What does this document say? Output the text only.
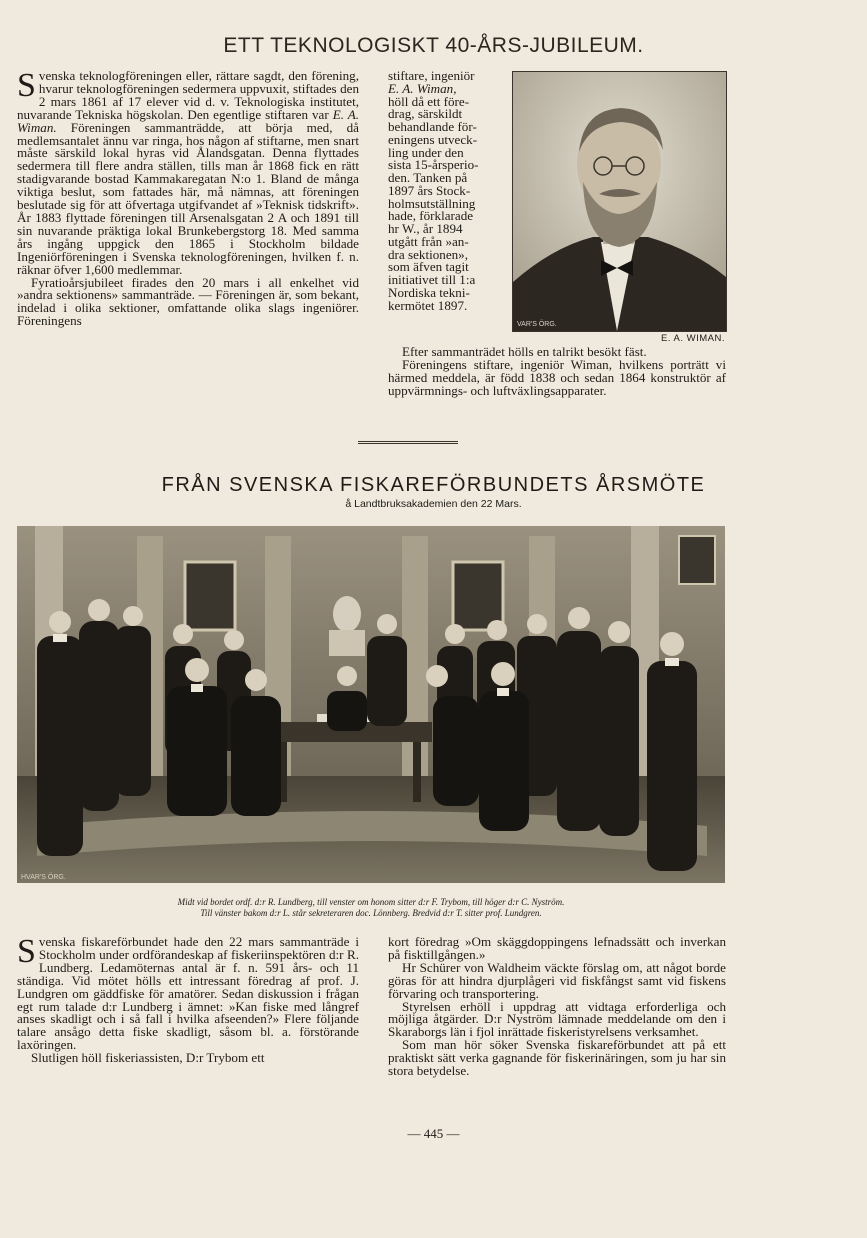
ETT TEKNOLOGISKT 40-ÅRS-JUBILEUM.

Svenska teknologföreningen eller, rättare sagdt, den förening, hvarur teknologföreningen sedermera uppvuxit, stiftades den 2 mars 1861 af 17 elever vid d. v. Teknologiska institutet, nuvarande Tekniska högskolan. Den egentlige stiftaren var E. A. Wiman. Föreningen sammanträdde, att börja med, då medlemsantalet ännu var ringa, hos någon af stiftarne, men snart måste särskild lokal hyras vid Ålandsgatan. Denna flyttades sedermera till flere andra ställen, tills man år 1868 fick en rätt stadigvarande bostad Kammakaregatan N:o 1. Bland de många viktiga beslut, som fattades här, må nämnas, att föreningen beslutade sig för att öfvertaga utgifvandet af »Teknisk tidskrift». År 1883 flyttade föreningen till Arsenalsgatan 2 A och 1891 till sin nuvarande präktiga lokal Brunkebergstorg 18. Med samma års ingång uppgick den 1865 i Stockholm bildade Ingeniörföreningen i Svenska teknologföreningen, hvilken f. n. räknar öfver 1,600 medlemmar.

Fyratioårsjubileet firades den 20 mars i all enkelhet vid »andra sektionens» sammanträde. — Föreningen är, som bekant, indelad i olika sektioner, omfattande olika slags ingeniörer. Föreningens

stiftare, ingeniör
E. A. Wiman,
höll då ett före-
drag, särskildt
behandlande för-
eningens utveck-
ling under den
sista 15-årsperio-
den. Tanken på
1897 års Stock-
holmsutställning
hade, förklarade
hr W., år 1894
utgått från »an-
dra sektionen»,
som äfven tagit
initiativet till 1:a
Nordiska tekni-
kermötet 1897.
VAR'S ÖRG.
E. A. WIMAN.

Efter sammanträdet hölls en talrikt besökt fäst.

Föreningens stiftare, ingeniör Wiman, hvilkens porträtt vi härmed meddela, är född 1838 och sedan 1864 konstruktör af uppvärmnings- och luftväxlingsapparater.

FRÅN SVENSKA FISKAREFÖRBUNDETS ÅRSMÖTE
å Landtbruksakademien den 22 Mars.
HVAR'S ÖRG.
Midt vid bordet ordf. d:r R. Lundberg, till venster om honom sitter d:r F. Trybom, till höger d:r C. Nyström.
Till vänster bakom d:r L. står sekreteraren doc. Lönnberg. Bredvid d:r T. sitter prof. Lundgren.

Svenska fiskareförbundet hade den 22 mars sammanträde i Stockholm under ordförandeskap af fiskeriinspektören d:r R. Lundberg. Ledamöternas antal är f. n. 591 års- och 11 ständiga. Vid mötet hölls ett intressant föredrag af prof. J. Lundgren om gäddfiske för amatörer. Sedan diskussion i frågan egt rum talade d:r Lundberg i ämnet: »Kan fiske med långref anses skadligt och i så fall i hvilka afseenden?» Flere följande talare ansågo detta fiske skadligt, såsom bl. a. förstörande laxöringen.

Slutligen höll fiskeriassisten, D:r Trybom ett

kort föredrag »Om skäggdoppingens lefnadssätt och inverkan på fisktillgången.»

Hr Schürer von Waldheim väckte förslag om, att något borde göras för att hindra djurplågeri vid fiskfångst samt vid fiskens förvaring och transportering.

Styrelsen erhöll i uppdrag att vidtaga erforderliga och möjliga åtgärder. D:r Nyström lämnade meddelande om den i Skaraborgs län i fjol inrättade fiskeristyrelsens verksamhet.

Som man hör söker Svenska fiskareförbundet att på ett praktiskt sätt verka gagnande för fiskerinäringen, som ju har sin stora betydelse.

— 445 —
